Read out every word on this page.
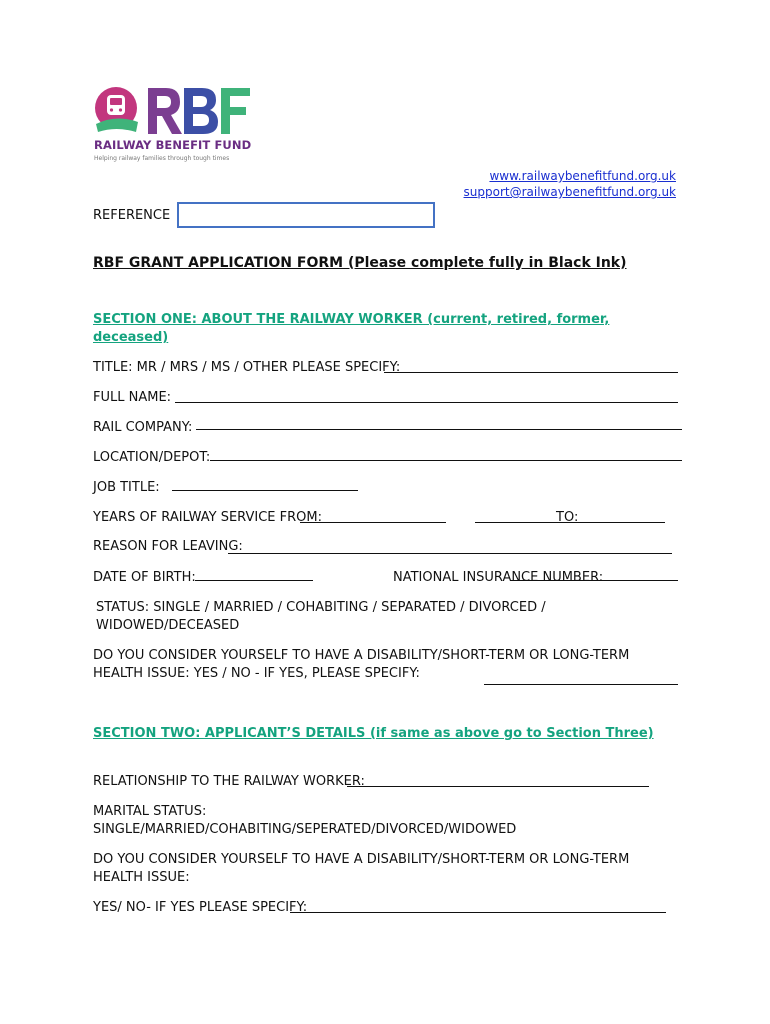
RAILWAY BENEFIT FUND
Helping railway families through tough times
www.railwaybenefitfund.org.uk
support@railwaybenefitfund.org.uk
REFERENCE
RBF GRANT APPLICATION FORM (Please complete fully in Black Ink)
SECTION ONE: ABOUT THE RAILWAY WORKER (current, retired, former, deceased)
TITLE: MR / MRS / MS / OTHER PLEASE SPECIFY:
FULL NAME:
RAIL COMPANY:
LOCATION/DEPOT:
JOB TITLE:
YEARS OF RAILWAY SERVICE FROM:	TO:
REASON FOR LEAVING:
DATE OF BIRTH:	NATIONAL INSURANCE NUMBER:
STATUS: SINGLE / MARRIED / COHABITING / SEPARATED / DIVORCED / WIDOWED/DECEASED
DO YOU CONSIDER YOURSELF TO HAVE A DISABILITY/SHORT-TERM OR LONG-TERM HEALTH ISSUE: YES / NO - IF YES, PLEASE SPECIFY:
SECTION TWO: APPLICANT’S DETAILS (if same as above go to Section Three)
RELATIONSHIP TO THE RAILWAY WORKER:
MARITAL STATUS:
SINGLE/MARRIED/COHABITING/SEPERATED/DIVORCED/WIDOWED
DO YOU CONSIDER YOURSELF TO HAVE A DISABILITY/SHORT-TERM OR LONG-TERM HEALTH ISSUE:
YES/ NO- IF YES PLEASE SPECIFY:
